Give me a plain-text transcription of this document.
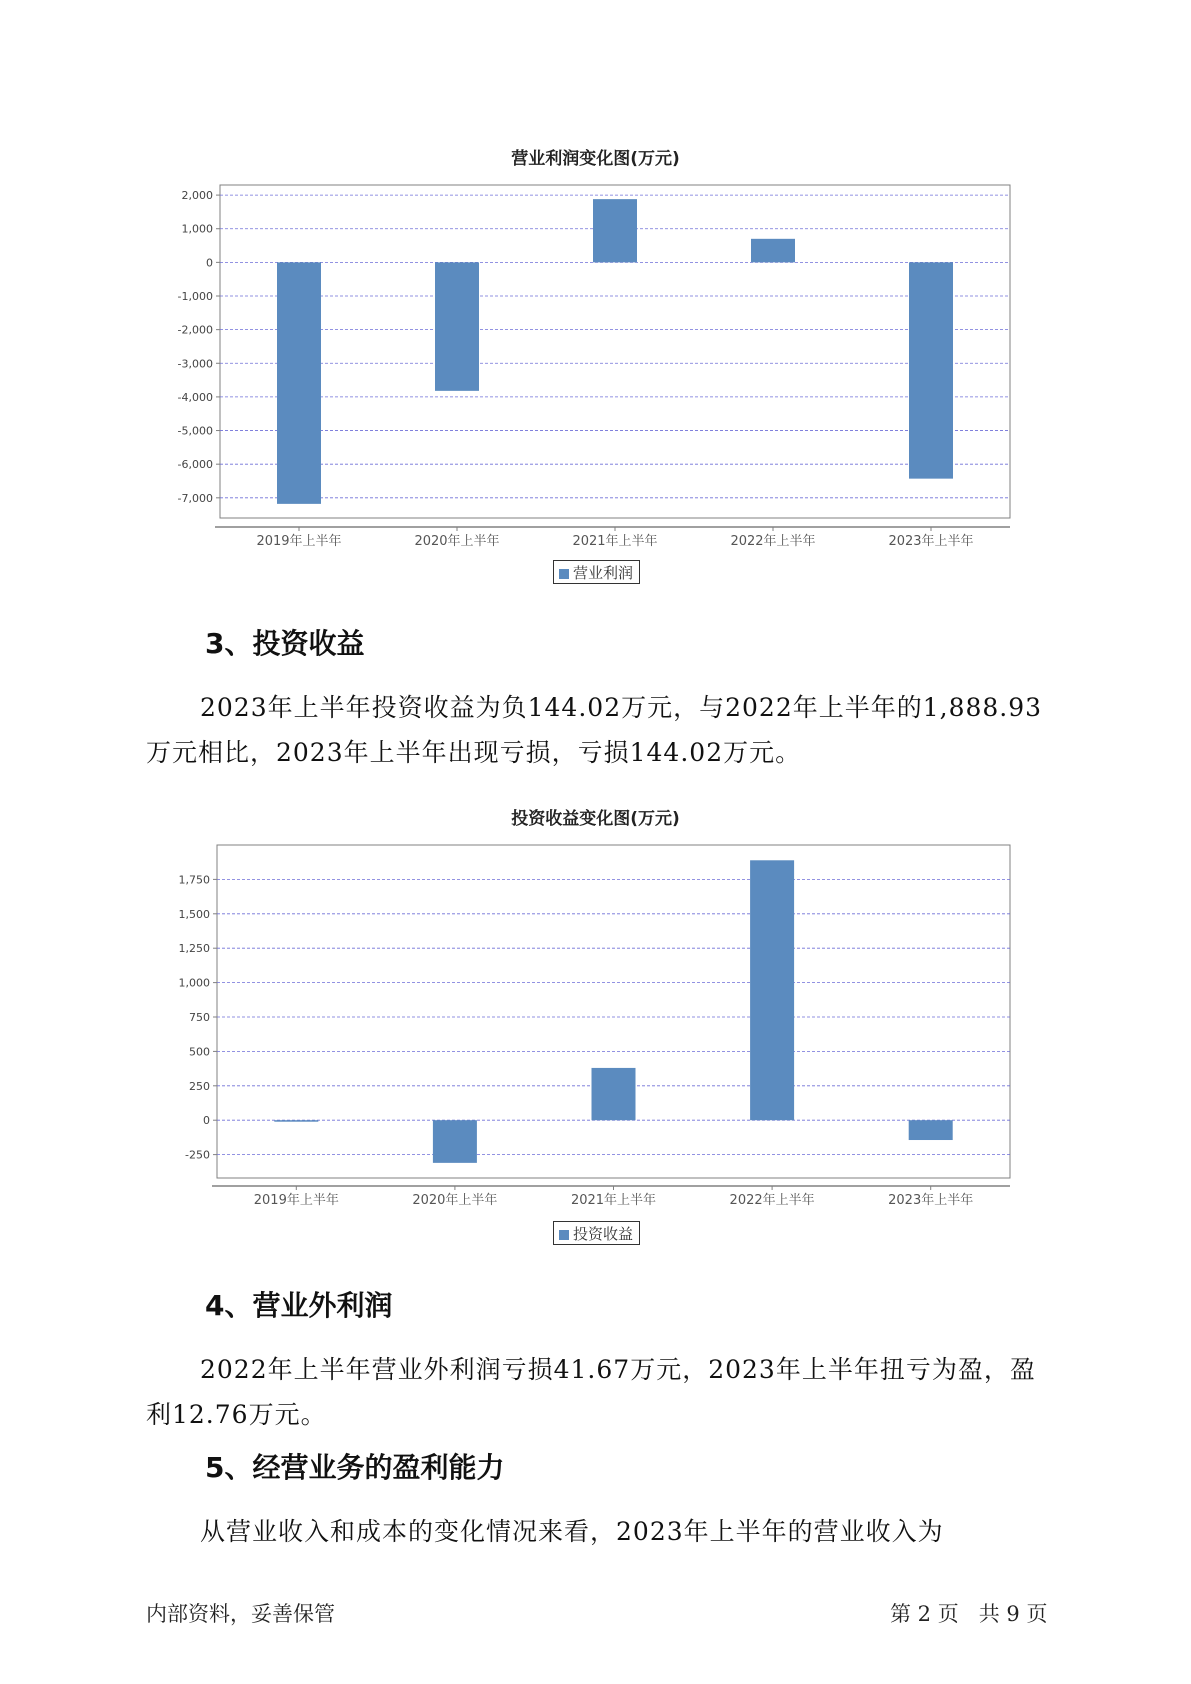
营业利润变化图(万元)
2,000
1,000
0
-1,000
-2,000
-3,000
-4,000
-5,000
-6,000
-7,000
2019年上半年	2020年上半年	2021年上半年	2022年上半年	2023年上半年
营业利润
3、投资收益
2023年上半年投资收益为负144.02万元，与2022年上半年的1,888.93
万元相比，2023年上半年出现亏损，亏损144.02万元。
投资收益变化图(万元)
1,750
1,500
1,250
1,000
750
500
250
0
-250
2019年上半年	2020年上半年	2021年上半年	2022年上半年	2023年上半年
投资收益
4、营业外利润
2022年上半年营业外利润亏损41.67万元，2023年上半年扭亏为盈，盈
利12.76万元。
5、经营业务的盈利能力
从营业收入和成本的变化情况来看，2023年上半年的营业收入为
内部资料，妥善保管	第 2 页   共 9 页
